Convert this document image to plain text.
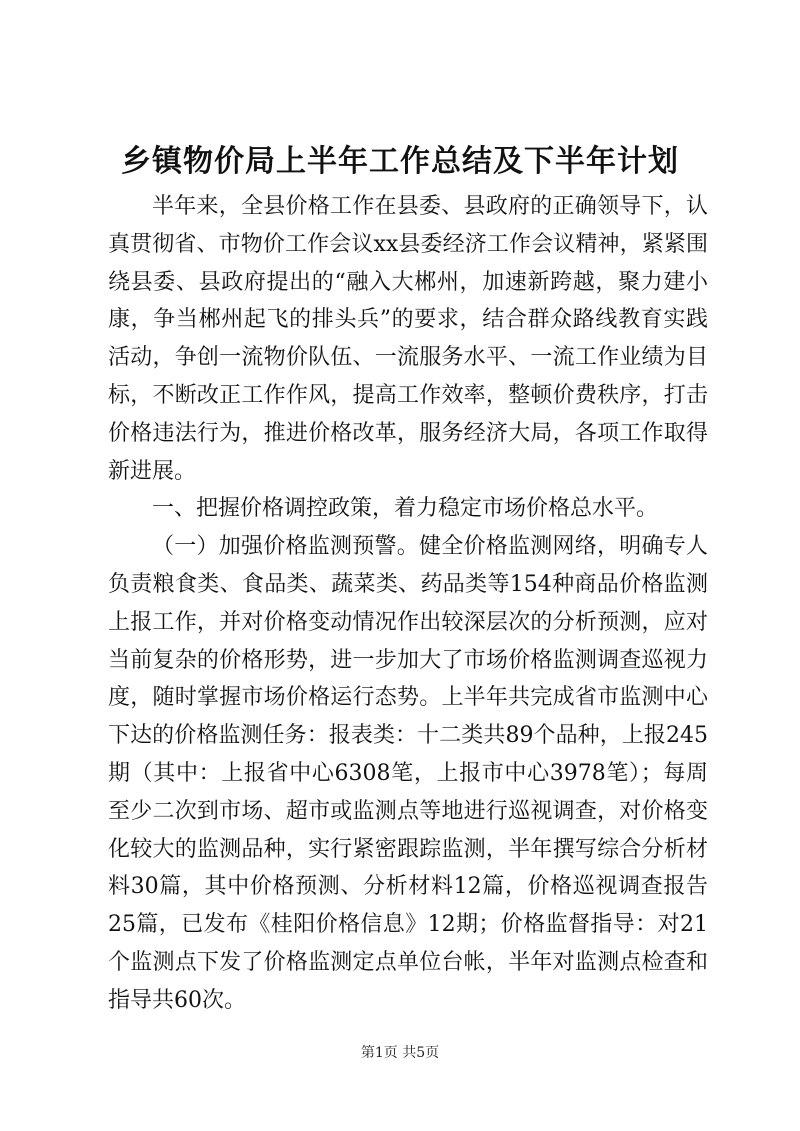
乡镇物价局上半年工作总结及下半年计划

半年来，全县价格工作在县委、县政府的正确领导下，认真贯彻省、市物价工作会议xx县委经济工作会议精神，紧紧围绕县委、县政府提出的“融入大郴州，加速新跨越，聚力建小康，争当郴州起飞的排头兵”的要求，结合群众路线教育实践活动，争创一流物价队伍、一流服务水平、一流工作业绩为目标，不断改正工作作风，提高工作效率，整顿价费秩序，打击价格违法行为，推进价格改革，服务经济大局，各项工作取得新进展。

一、把握价格调控政策，着力稳定市场价格总水平。

（一）加强价格监测预警。健全价格监测网络，明确专人负责粮食类、食品类、蔬菜类、药品类等154种商品价格监测上报工作，并对价格变动情况作出较深层次的分析预测，应对当前复杂的价格形势，进一步加大了市场价格监测调查巡视力度，随时掌握市场价格运行态势。上半年共完成省市监测中心下达的价格监测任务：报表类：十二类共89个品种，上报245期（其中：上报省中心6308笔，上报市中心3978笔）；每周至少二次到市场、超市或监测点等地进行巡视调查，对价格变化较大的监测品种，实行紧密跟踪监测，半年撰写综合分析材料30篇，其中价格预测、分析材料12篇，价格巡视调查报告25篇，已发布《桂阳价格信息》12期；价格监督指导：对21个监测点下发了价格监测定点单位台帐，半年对监测点检查和指导共60次。

第1页 共5页
